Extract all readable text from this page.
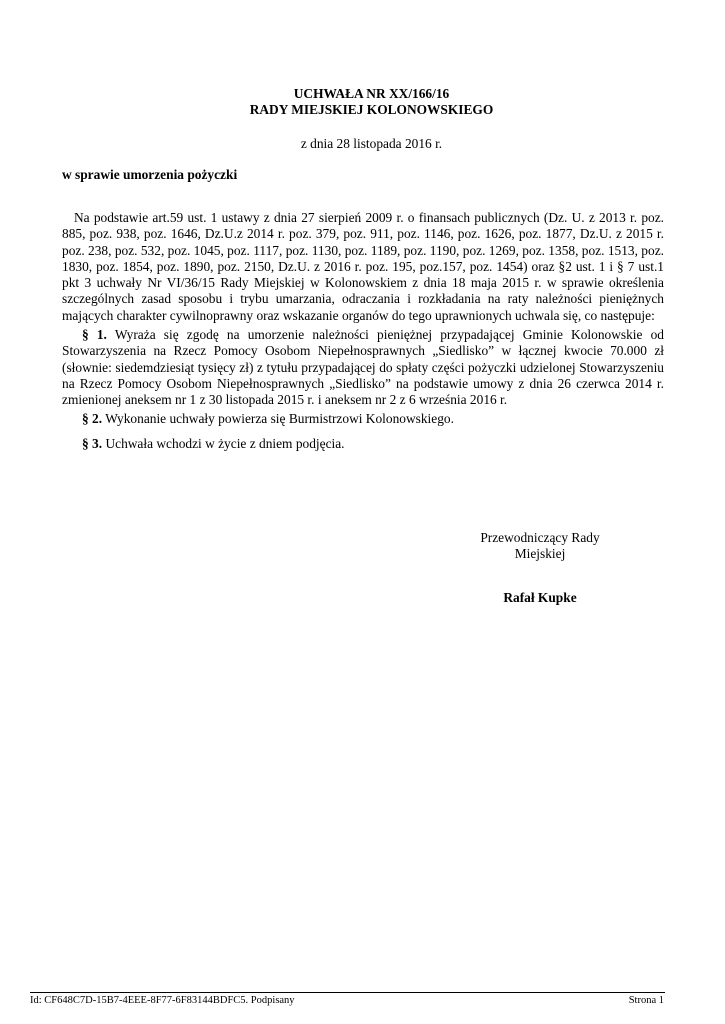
UCHWAŁA NR XX/166/16
RADY MIEJSKIEJ KOLONOWSKIEGO
z dnia 28 listopada 2016 r.
w sprawie umorzenia pożyczki
Na podstawie art.59 ust. 1 ustawy z dnia 27 sierpień 2009 r. o finansach publicznych (Dz. U. z 2013 r. poz. 885, poz. 938, poz. 1646, Dz.U.z 2014 r. poz. 379, poz. 911, poz. 1146, poz. 1626, poz. 1877, Dz.U. z 2015 r. poz. 238, poz. 532, poz. 1045, poz. 1117, poz. 1130, poz. 1189, poz. 1190, poz. 1269, poz. 1358, poz. 1513, poz. 1830, poz. 1854, poz. 1890, poz. 2150, Dz.U. z 2016 r. poz. 195, poz.157, poz. 1454) oraz §2 ust. 1 i § 7 ust.1 pkt 3 uchwały Nr VI/36/15 Rady Miejskiej w Kolonowskiem z dnia 18 maja 2015 r. w sprawie określenia szczególnych zasad sposobu i trybu umarzania, odraczania i rozkładania na raty należności pieniężnych mających charakter cywilnoprawny oraz wskazanie organów do tego uprawnionych uchwala się, co następuje:
§ 1. Wyraża się zgodę na umorzenie należności pieniężnej przypadającej Gminie Kolonowskie od Stowarzyszenia na Rzecz Pomocy Osobom Niepełnosprawnych „Siedlisko” w łącznej kwocie 70.000 zł (słownie: siedemdziesiąt tysięcy zł) z tytułu przypadającej do spłaty części pożyczki udzielonej Stowarzyszeniu na Rzecz Pomocy Osobom Niepełnosprawnych „Siedlisko” na podstawie umowy z dnia 26 czerwca 2014 r. zmienionej aneksem nr 1 z 30 listopada 2015 r. i aneksem nr 2 z 6 września 2016 r.
§ 2. Wykonanie uchwały powierza się Burmistrzowi Kolonowskiego.
§ 3. Uchwała wchodzi w życie z dniem podjęcia.
Przewodniczący Rady
Miejskiej
Rafał Kupke
Id: CF648C7D-15B7-4EEE-8F77-6F83144BDFC5. Podpisany	Strona 1
